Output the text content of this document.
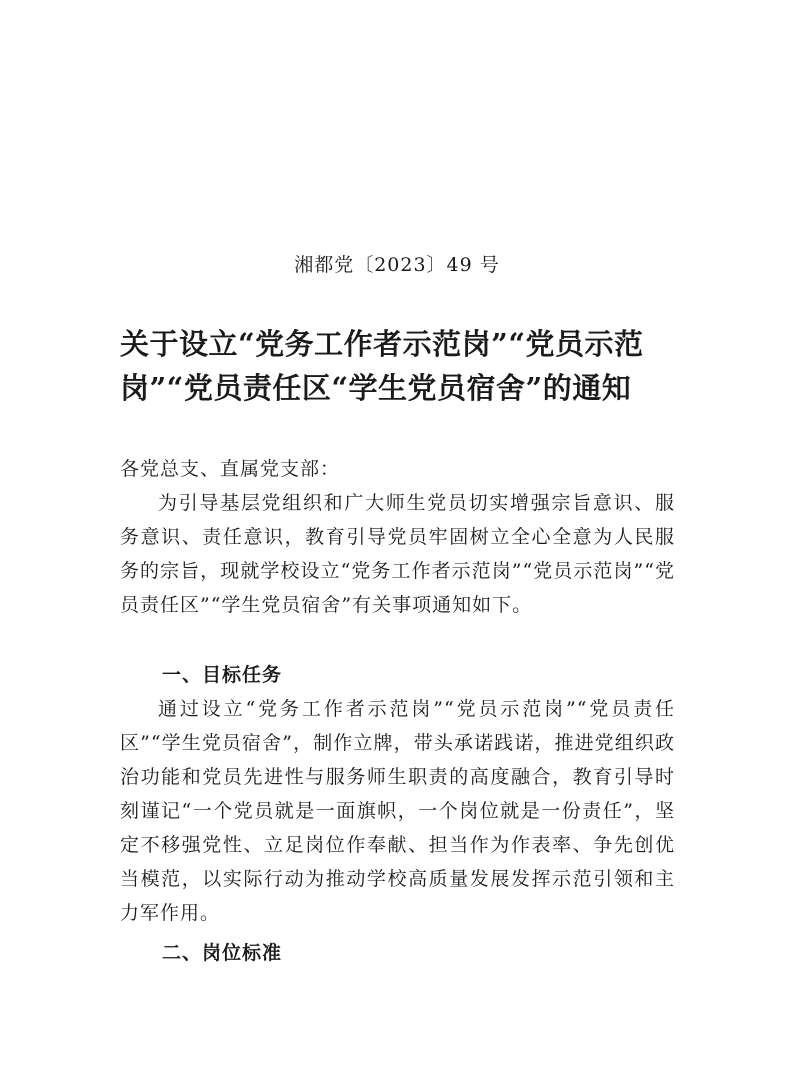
湘都党〔2023〕49 号
关于设立“党务工作者示范岗”“党员示范
岗”“党员责任区“学生党员宿舍”的通知
各党总支、直属党支部：
为引导基层党组织和广大师生党员切实增强宗旨意识、服务意识、责任意识，教育引导党员牢固树立全心全意为人民服务的宗旨，现就学校设立“党务工作者示范岗”“党员示范岗”“党员责任区”“学生党员宿舍”有关事项通知如下。
一、目标任务
通过设立“党务工作者示范岗”“党员示范岗”“党员责任区”“学生党员宿舍”，制作立牌，带头承诺践诺，推进党组织政治功能和党员先进性与服务师生职责的高度融合，教育引导时刻谨记“一个党员就是一面旗帜，一个岗位就是一份责任”，坚定不移强党性、立足岗位作奉献、担当作为作表率、争先创优当模范，以实际行动为推动学校高质量发展发挥示范引领和主力军作用。
二、岗位标准
